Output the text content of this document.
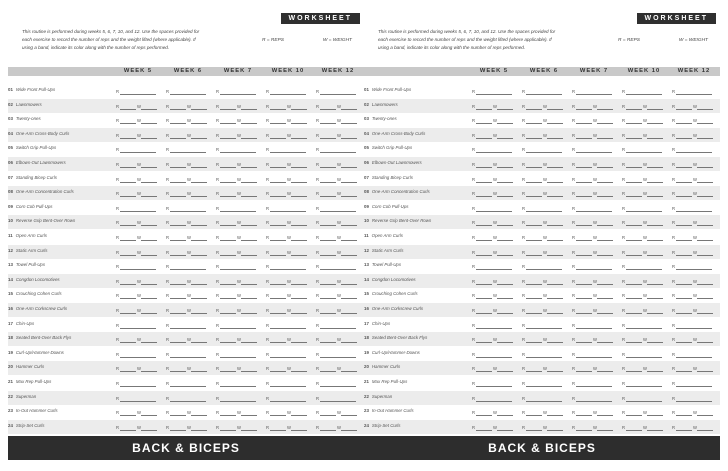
WORKSHEET
This routine is performed during weeks 5, 6, 7, 10, and 12. Use the spaces provided for
each exercise to record the number of reps and the weight lifted (where applicable). If
using a band, indicate its color along with the number of reps performed.
R = REPS	W = WEIGHT
WEEK 5	WEEK 6	WEEK 7	WEEK 10	WEEK 12
01 Wide Front Pull-Ups	R	R	R	R	R
02 Lawnmowers	R	W	R	W	R	W	R	W	R	W
03 Twenty-ones	R	W	R	W	R	W	R	W	R	W
04 One-Arm Cross-Body Curls	R	W	R	W	R	W	R	W	R	W
05 Switch Grip Pull-Ups	R	R	R	R	R
06 Elbows-Out Lawnmowers	R	W	R	W	R	W	R	W	R	W
07 Standing Bicep Curls	R	W	R	W	R	W	R	W	R	W
08 One-Arm Concentration Curls	R	W	R	W	R	W	R	W	R	W
09 Corn Cob Pull-Ups	R	R	R	R	R
10 Reverse Grip Bent-Over Rows	R	W	R	W	R	W	R	W	R	W
11 Open Arm Curls	R	W	R	W	R	W	R	W	R	W
12 Static Arm Curls	R	W	R	W	R	W	R	W	R	W
13 Towel Pull-Ups	R	R	R	R	R
14 Congdon Locomotives	R	W	R	W	R	W	R	W	R	W
15 Crouching Cohen Curls	R	W	R	W	R	W	R	W	R	W
16 One-Arm Corkscrew Curls	R	W	R	W	R	W	R	W	R	W
17 Chin-Ups	R	R	R	R	R
18 Seated Bent-Over Back Flys	R	W	R	W	R	W	R	W	R	W
19 Curl-Up/Hammer-Downs	R	R	R	R	R
20 Hammer Curls	R	W	R	W	R	W	R	W	R	W
21 Max Rep Pull-Ups	R	R	R	R	R
22 Superman	R	R	R	R	R
23 In-Out Hammer Curls	R	W	R	W	R	W	R	W	R	W
24 Strip-Set Curls	R	W	R	W	R	W	R	W	R	W
BACK & BICEPS
WORKSHEET
This routine is performed during weeks 5, 6, 7, 10, and 12. Use the spaces provided for
each exercise to record the number of reps and the weight lifted (where applicable). If
using a band, indicate its color along with the number of reps performed.
R = REPS	W = WEIGHT
WEEK 5	WEEK 6	WEEK 7	WEEK 10	WEEK 12
01 Wide Front Pull-Ups	R	R	R	R	R
02 Lawnmowers	R	W	R	W	R	W	R	W	R	W
03 Twenty-ones	R	W	R	W	R	W	R	W	R	W
04 One-Arm Cross-Body Curls	R	W	R	W	R	W	R	W	R	W
05 Switch Grip Pull-Ups	R	R	R	R	R
06 Elbows-Out Lawnmowers	R	W	R	W	R	W	R	W	R	W
07 Standing Bicep Curls	R	W	R	W	R	W	R	W	R	W
08 One-Arm Concentration Curls	R	W	R	W	R	W	R	W	R	W
09 Corn Cob Pull-Ups	R	R	R	R	R
10 Reverse Grip Bent-Over Rows	R	W	R	W	R	W	R	W	R	W
11 Open Arm Curls	R	W	R	W	R	W	R	W	R	W
12 Static Arm Curls	R	W	R	W	R	W	R	W	R	W
13 Towel Pull-Ups	R	R	R	R	R
14 Congdon Locomotives	R	W	R	W	R	W	R	W	R	W
15 Crouching Cohen Curls	R	W	R	W	R	W	R	W	R	W
16 One-Arm Corkscrew Curls	R	W	R	W	R	W	R	W	R	W
17 Chin-Ups	R	R	R	R	R
18 Seated Bent-Over Back Flys	R	W	R	W	R	W	R	W	R	W
19 Curl-Up/Hammer-Downs	R	R	R	R	R
20 Hammer Curls	R	W	R	W	R	W	R	W	R	W
21 Max Rep Pull-Ups	R	R	R	R	R
22 Superman	R	R	R	R	R
23 In-Out Hammer Curls	R	W	R	W	R	W	R	W	R	W
24 Strip-Set Curls	R	W	R	W	R	W	R	W	R	W
BACK & BICEPS
